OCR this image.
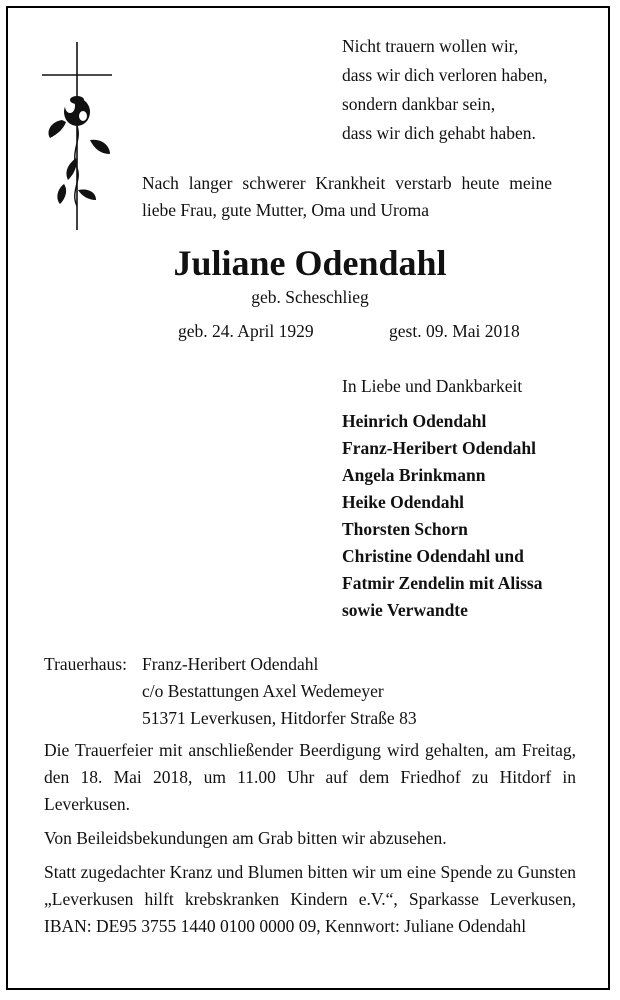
Nicht trauern wollen wir,
dass wir dich verloren haben,
sondern dankbar sein,
dass wir dich gehabt haben.

Nach langer schwerer Krankheit verstarb heute meine liebe Frau, gute Mutter, Oma und Uroma

Juliane Odendahl
geb. Scheschlieg
geb. 24. April 1929	gest. 09. Mai 2018
In Liebe und Dankbarkeit
Heinrich Odendahl
Franz-Heribert Odendahl
Angela Brinkmann
Heike Odendahl
Thorsten Schorn
Christine Odendahl und
Fatmir Zendelin mit Alissa
sowie Verwandte
Trauerhaus: Franz-Heribert Odendahl
c/o Bestattungen Axel Wedemeyer
51371 Leverkusen, Hitdorfer Straße 83

Die Trauerfeier mit anschließender Beerdigung wird gehalten, am Freitag, den 18. Mai 2018, um 11.00 Uhr auf dem Friedhof zu Hitdorf in Leverkusen.

Von Beileidsbekundungen am Grab bitten wir abzusehen.

Statt zugedachter Kranz und Blumen bitten wir um eine Spende zu Gunsten „Leverkusen hilft krebskranken Kindern e.V.“, Sparkasse Leverkusen, IBAN: DE95 3755 1440 0100 0000 09, Kennwort: Juliane Odendahl
